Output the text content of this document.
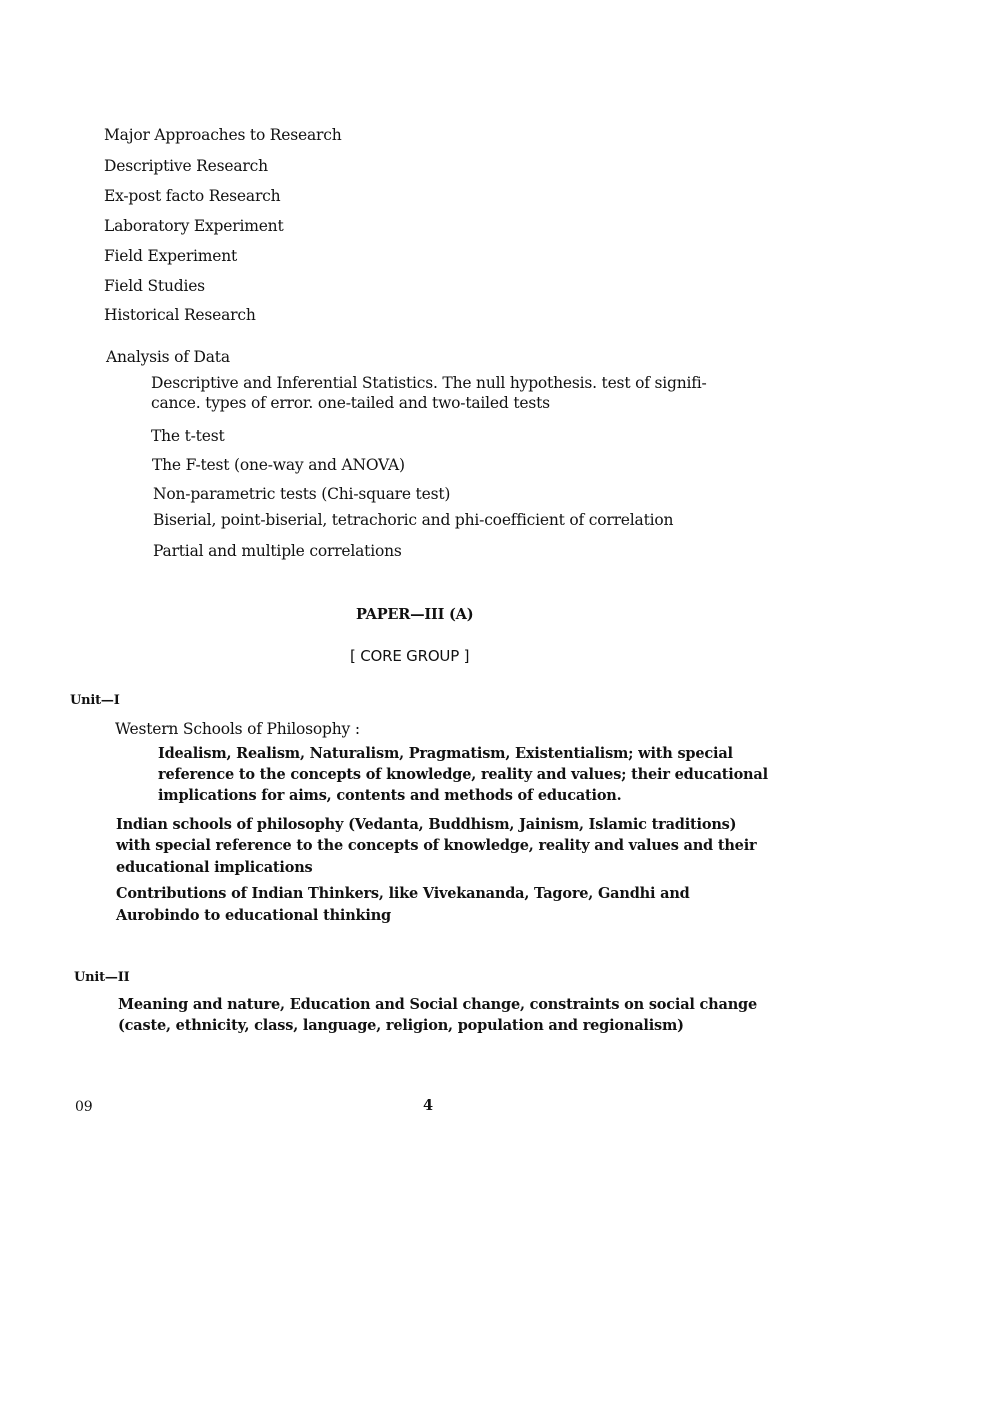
Major Approaches to Research
Descriptive Research
Ex-post facto Research
Laboratory Experiment
Field Experiment
Field Studies
Historical Research
Analysis of Data
Descriptive and Inferential Statistics. The null hypothesis. test of signifi-
cance. types of error. one-tailed and two-tailed tests
The t-test
The F-test (one-way and ANOVA)
Non-parametric tests (Chi-square test)
Biserial, point-biserial, tetrachoric and phi-coefficient of correlation
Partial and multiple correlations
PAPER—III (A)
[ CORE GROUP ]
Unit—I
Western Schools of Philosophy :
Idealism, Realism, Naturalism, Pragmatism, Existentialism; with special
reference to the concepts of knowledge, reality and values; their educational
implications for aims, contents and methods of education.
Indian schools of philosophy (Vedanta, Buddhism, Jainism, Islamic traditions)
with special reference to the concepts of knowledge, reality and values and their
educational implications
Contributions of Indian Thinkers, like Vivekananda, Tagore, Gandhi and
Aurobindo to educational thinking
Unit—II
Meaning and nature, Education and Social change, constraints on social change
(caste, ethnicity, class, language, religion, population and regionalism)
09	4
